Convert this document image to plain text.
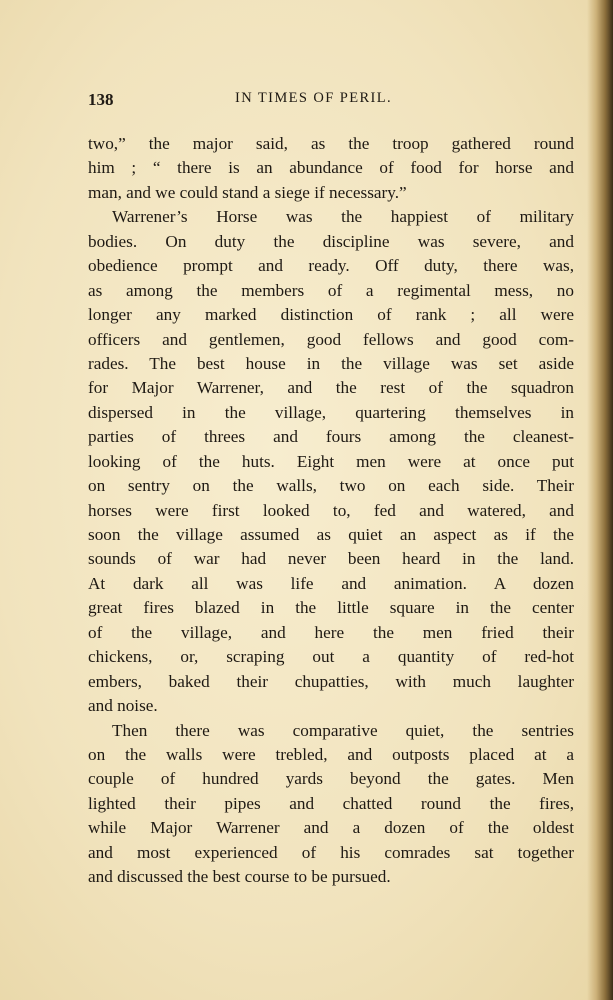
138	IN TIMES OF PERIL.
two,” the major said, as the troop gathered round
him ; “ there is an abundance of food for horse and
man, and we could stand a siege if necessary.”
Warrener’s Horse was the happiest of military
bodies. On duty the discipline was severe, and
obedience prompt and ready. Off duty, there was,
as among the members of a regimental mess, no
longer any marked distinction of rank ; all were
officers and gentlemen, good fellows and good com-
rades. The best house in the village was set aside
for Major Warrener, and the rest of the squadron
dispersed in the village, quartering themselves in
parties of threes and fours among the cleanest-
looking of the huts. Eight men were at once put
on sentry on the walls, two on each side. Their
horses were first looked to, fed and watered, and
soon the village assumed as quiet an aspect as if the
sounds of war had never been heard in the land.
At dark all was life and animation. A dozen
great fires blazed in the little square in the center
of the village, and here the men fried their
chickens, or, scraping out a quantity of red-hot
embers, baked their chupatties, with much laughter
and noise.
Then there was comparative quiet, the sentries
on the walls were trebled, and outposts placed at a
couple of hundred yards beyond the gates. Men
lighted their pipes and chatted round the fires,
while Major Warrener and a dozen of the oldest
and most experienced of his comrades sat together
and discussed the best course to be pursued.
